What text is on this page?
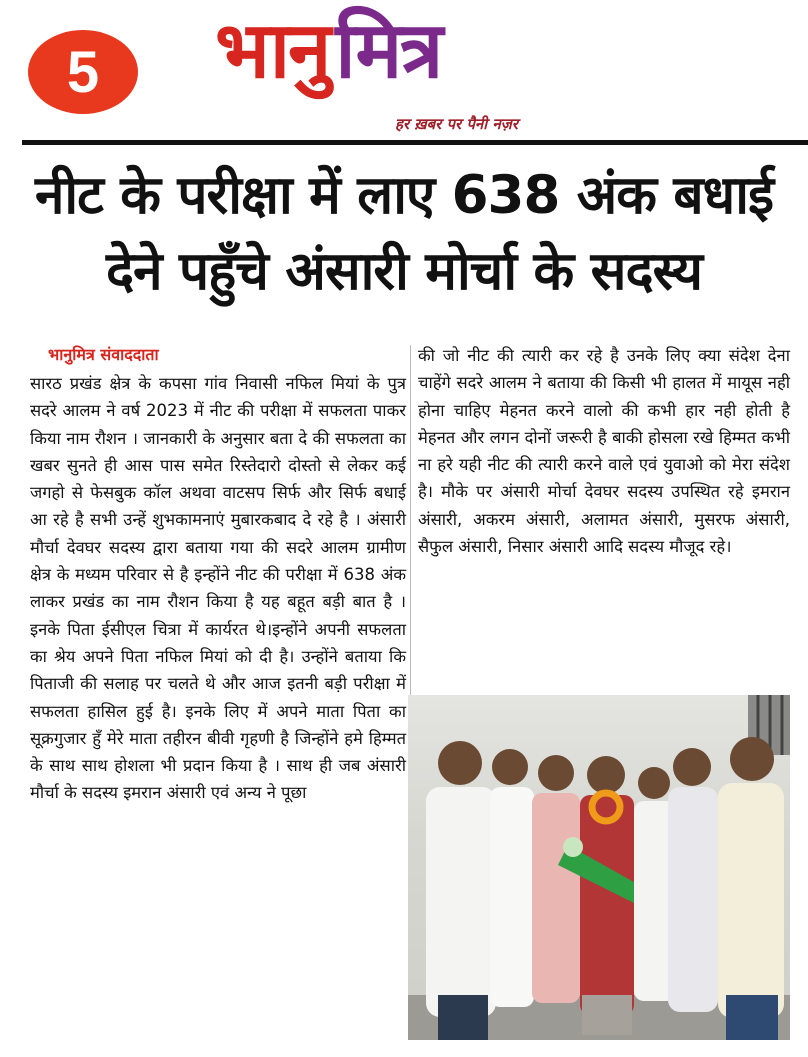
5 भानु मित्र
हर ख़बर पर पैनी नज़र
नीट के परीक्षा में लाए 638 अंक बधाई
देने पहुँचे अंसारी मोर्चा के सदस्य
भानुमित्र संवाददाता
सारठ प्रखंड क्षेत्र के कपसा गांव निवासी नफिल मियां के पुत्र सदरे आलम ने वर्ष 2023 में नीट की परीक्षा में सफलता पाकर किया नाम रौशन । जानकारी के अनुसार बता दे की सफलता का खबर सुनते ही आस पास समेत रिस्तेदारो दोस्तो से लेकर कई जगहो से फेसबुक कॉल अथवा वाटसप सिर्फ और सिर्फ बधाई आ रहे है सभी उन्हें शुभकामनाएं मुबारकबाद दे रहे है । अंसारी मौर्चा देवघर सदस्य द्वारा बताया गया की सदरे आलम ग्रामीण क्षेत्र के मध्यम परिवार से है इन्होंने नीट की परीक्षा में 638 अंक लाकर प्रखंड का नाम रौशन किया है यह बहूत बड़ी बात है । इनके पिता ईसीएल चित्रा में कार्यरत थे।इन्होंने अपनी सफलता का श्रेय अपने पिता नफिल मियां को दी है। उन्होंने बताया कि पिताजी की सलाह पर चलते थे और आज इतनी बड़ी परीक्षा में सफलता हासिल हुई है। इनके लिए में अपने माता पिता का सूक्रगुजार हुँ मेरे माता तहीरन बीवी गृहणी है जिन्होंने हमे हिम्मत के साथ साथ होशला भी प्रदान किया है । साथ ही जब अंसारी मौर्चा के सदस्य इमरान अंसारी एवं अन्य ने पूछा
की जो नीट की त्यारी कर रहे है उनके लिए क्या संदेश देना चाहेंगे सदरे आलम ने बताया की किसी भी हालत में मायूस नही होना चाहिए मेहनत करने वालो की कभी हार नही होती है मेहनत और लगन दोनों जरूरी है बाकी होसला रखे हिम्मत कभी ना हरे यही नीट की त्यारी करने वाले एवं युवाओ को मेरा संदेश है। मौके पर अंसारी मोर्चा देवघर सदस्य उपस्थित रहे इमरान अंसारी, अकरम अंसारी, अलामत अंसारी, मुसरफ अंसारी, सैफुल अंसारी, निसार अंसारी आदि सदस्य मौजूद रहे।
